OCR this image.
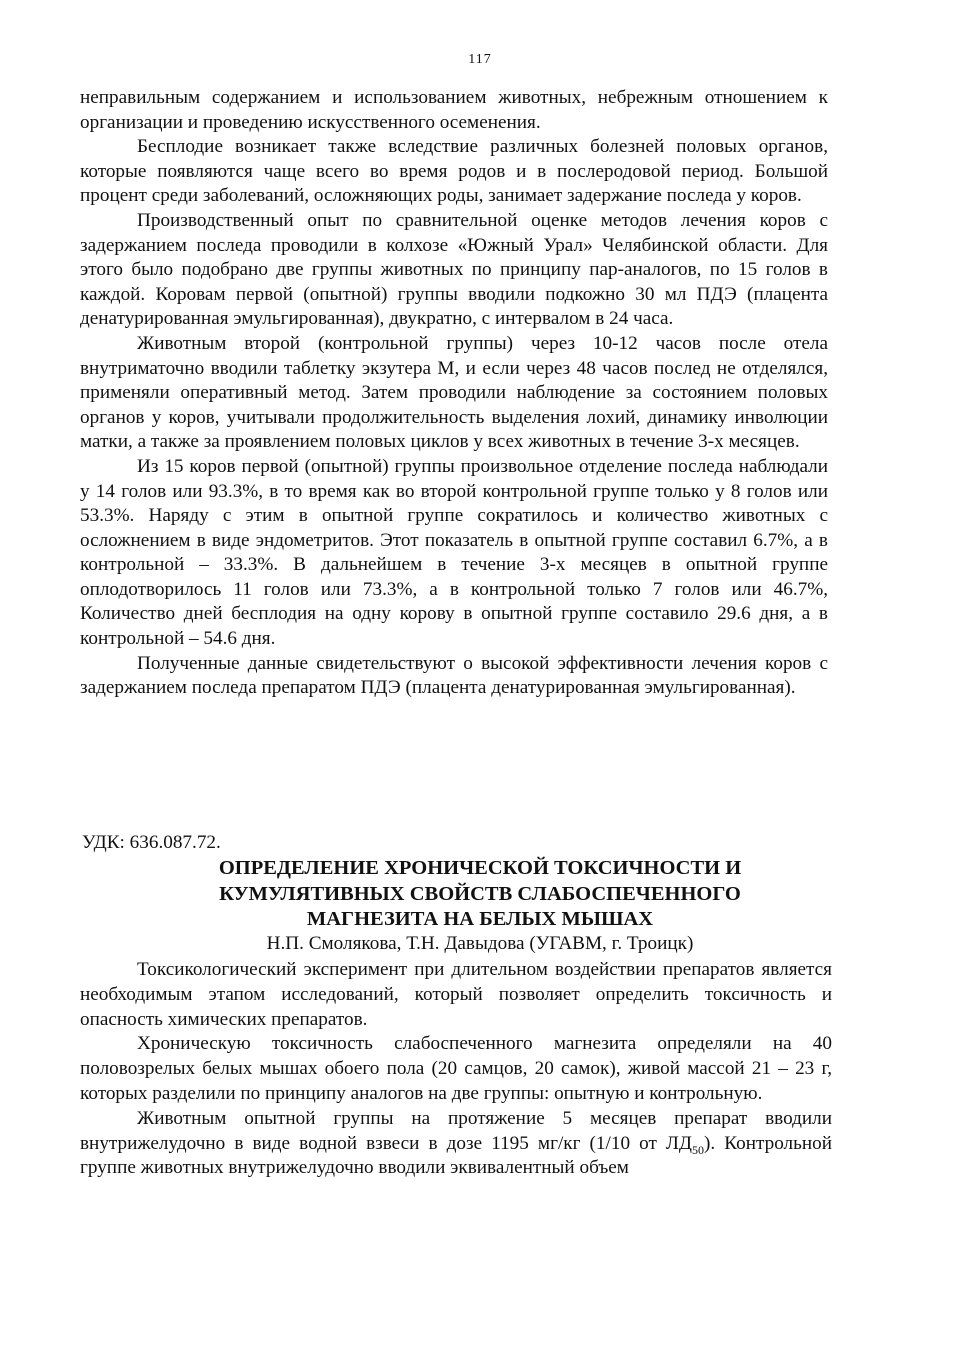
117

неправильным содержанием и использованием животных, небрежным отношением к организации и проведению искусственного осеменения.

Бесплодие возникает также вследствие различных болезней половых органов, которые появляются чаще всего во время родов и в послеродовой период. Большой процент среди заболеваний, осложняющих роды, занимает задержание последа у коров.

Производственный опыт по сравнительной оценке методов лечения коров с задержанием последа проводили в колхозе «Южный Урал» Челябинской области. Для этого было подобрано две группы животных по принципу пар-аналогов, по 15 голов в каждой. Коровам первой (опытной) группы вводили подкожно 30 мл ПДЭ (плацента денатурированная эмульгированная), двукратно, с интервалом в 24 часа.

Животным второй (контрольной группы) через 10-12 часов после отела внутриматочно вводили таблетку экзутера М, и если через 48 часов послед не отделялся, применяли оперативный метод. Затем проводили наблюдение за состоянием половых органов у коров, учитывали продолжительность выделения лохий, динамику инволюции матки, а также за проявлением половых циклов у всех животных в течение 3-х месяцев.

Из 15 коров первой (опытной) группы произвольное отделение последа наблюдали у 14 голов или 93.3%, в то время как во второй контрольной группе только у 8 голов или 53.3%. Наряду с этим в опытной группе сократилось и количество животных с осложнением в виде эндометритов. Этот показатель в опытной группе составил 6.7%, а в контрольной – 33.3%. В дальнейшем в течение 3-х месяцев в опытной группе оплодотворилось 11 голов или 73.3%, а в контрольной только 7 голов или 46.7%, Количество дней бесплодия на одну корову в опытной группе составило 29.6 дня, а в контрольной – 54.6 дня.

Полученные данные свидетельствуют о высокой эффективности лечения коров с задержанием последа препаратом ПДЭ (плацента денатурированная эмульгированная).

УДК: 636.087.72.
ОПРЕДЕЛЕНИЕ ХРОНИЧЕСКОЙ ТОКСИЧНОСТИ И
КУМУЛЯТИВНЫХ СВОЙСТВ СЛАБОСПЕЧЕННОГО
МАГНЕЗИТА НА БЕЛЫХ МЫШАХ
Н.П. Смолякова, Т.Н. Давыдова (УГАВМ, г. Троицк)

Токсикологический эксперимент при длительном воздействии препаратов является необходимым этапом исследований, который позволяет определить токсичность и опасность химических препаратов.

Хроническую токсичность слабоспеченного магнезита определяли на 40 половозрелых белых мышах обоего пола (20 самцов, 20 самок), живой массой 21 – 23 г, которых разделили по принципу аналогов на две группы: опытную и контрольную.

Животным опытной группы на протяжение 5 месяцев препарат вводили внутрижелудочно в виде водной взвеси в дозе 1195 мг/кг (1/10 от $ЛД_{50}$). Контрольной группе животных внутрижелудочно вводили эквивалентный объем
